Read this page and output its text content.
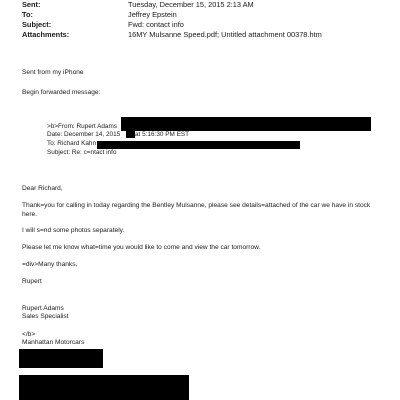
Sent:	Tuesday, December 15, 2015 2:13 AM
To:	Jeffrey Epstein
Subject:	Fwd: contact info
Attachments:	16MY Mulsanne Speed.pdf; Untitled attachment 00378.htm
Sent from my iPhone
Begin forwarded message:
>b>From: Rupert Adams
Date: December 14, 2015 at 5:16:30 PM EST
To: Richard Kahn
Subject: Re: c=ntact info
Dear Richard,
Thank=you for calling in today regarding the Bentley Mulsanne, please see details=attached of the car we have in stock here.
I will s=nd some photos separately.
Please let me know what=time you would like to come and view the car tomorrow.
=div>Many thanks,
Rupert
Rupert Adams
Sales Specialist
</b>
Manhattan Motorcars
